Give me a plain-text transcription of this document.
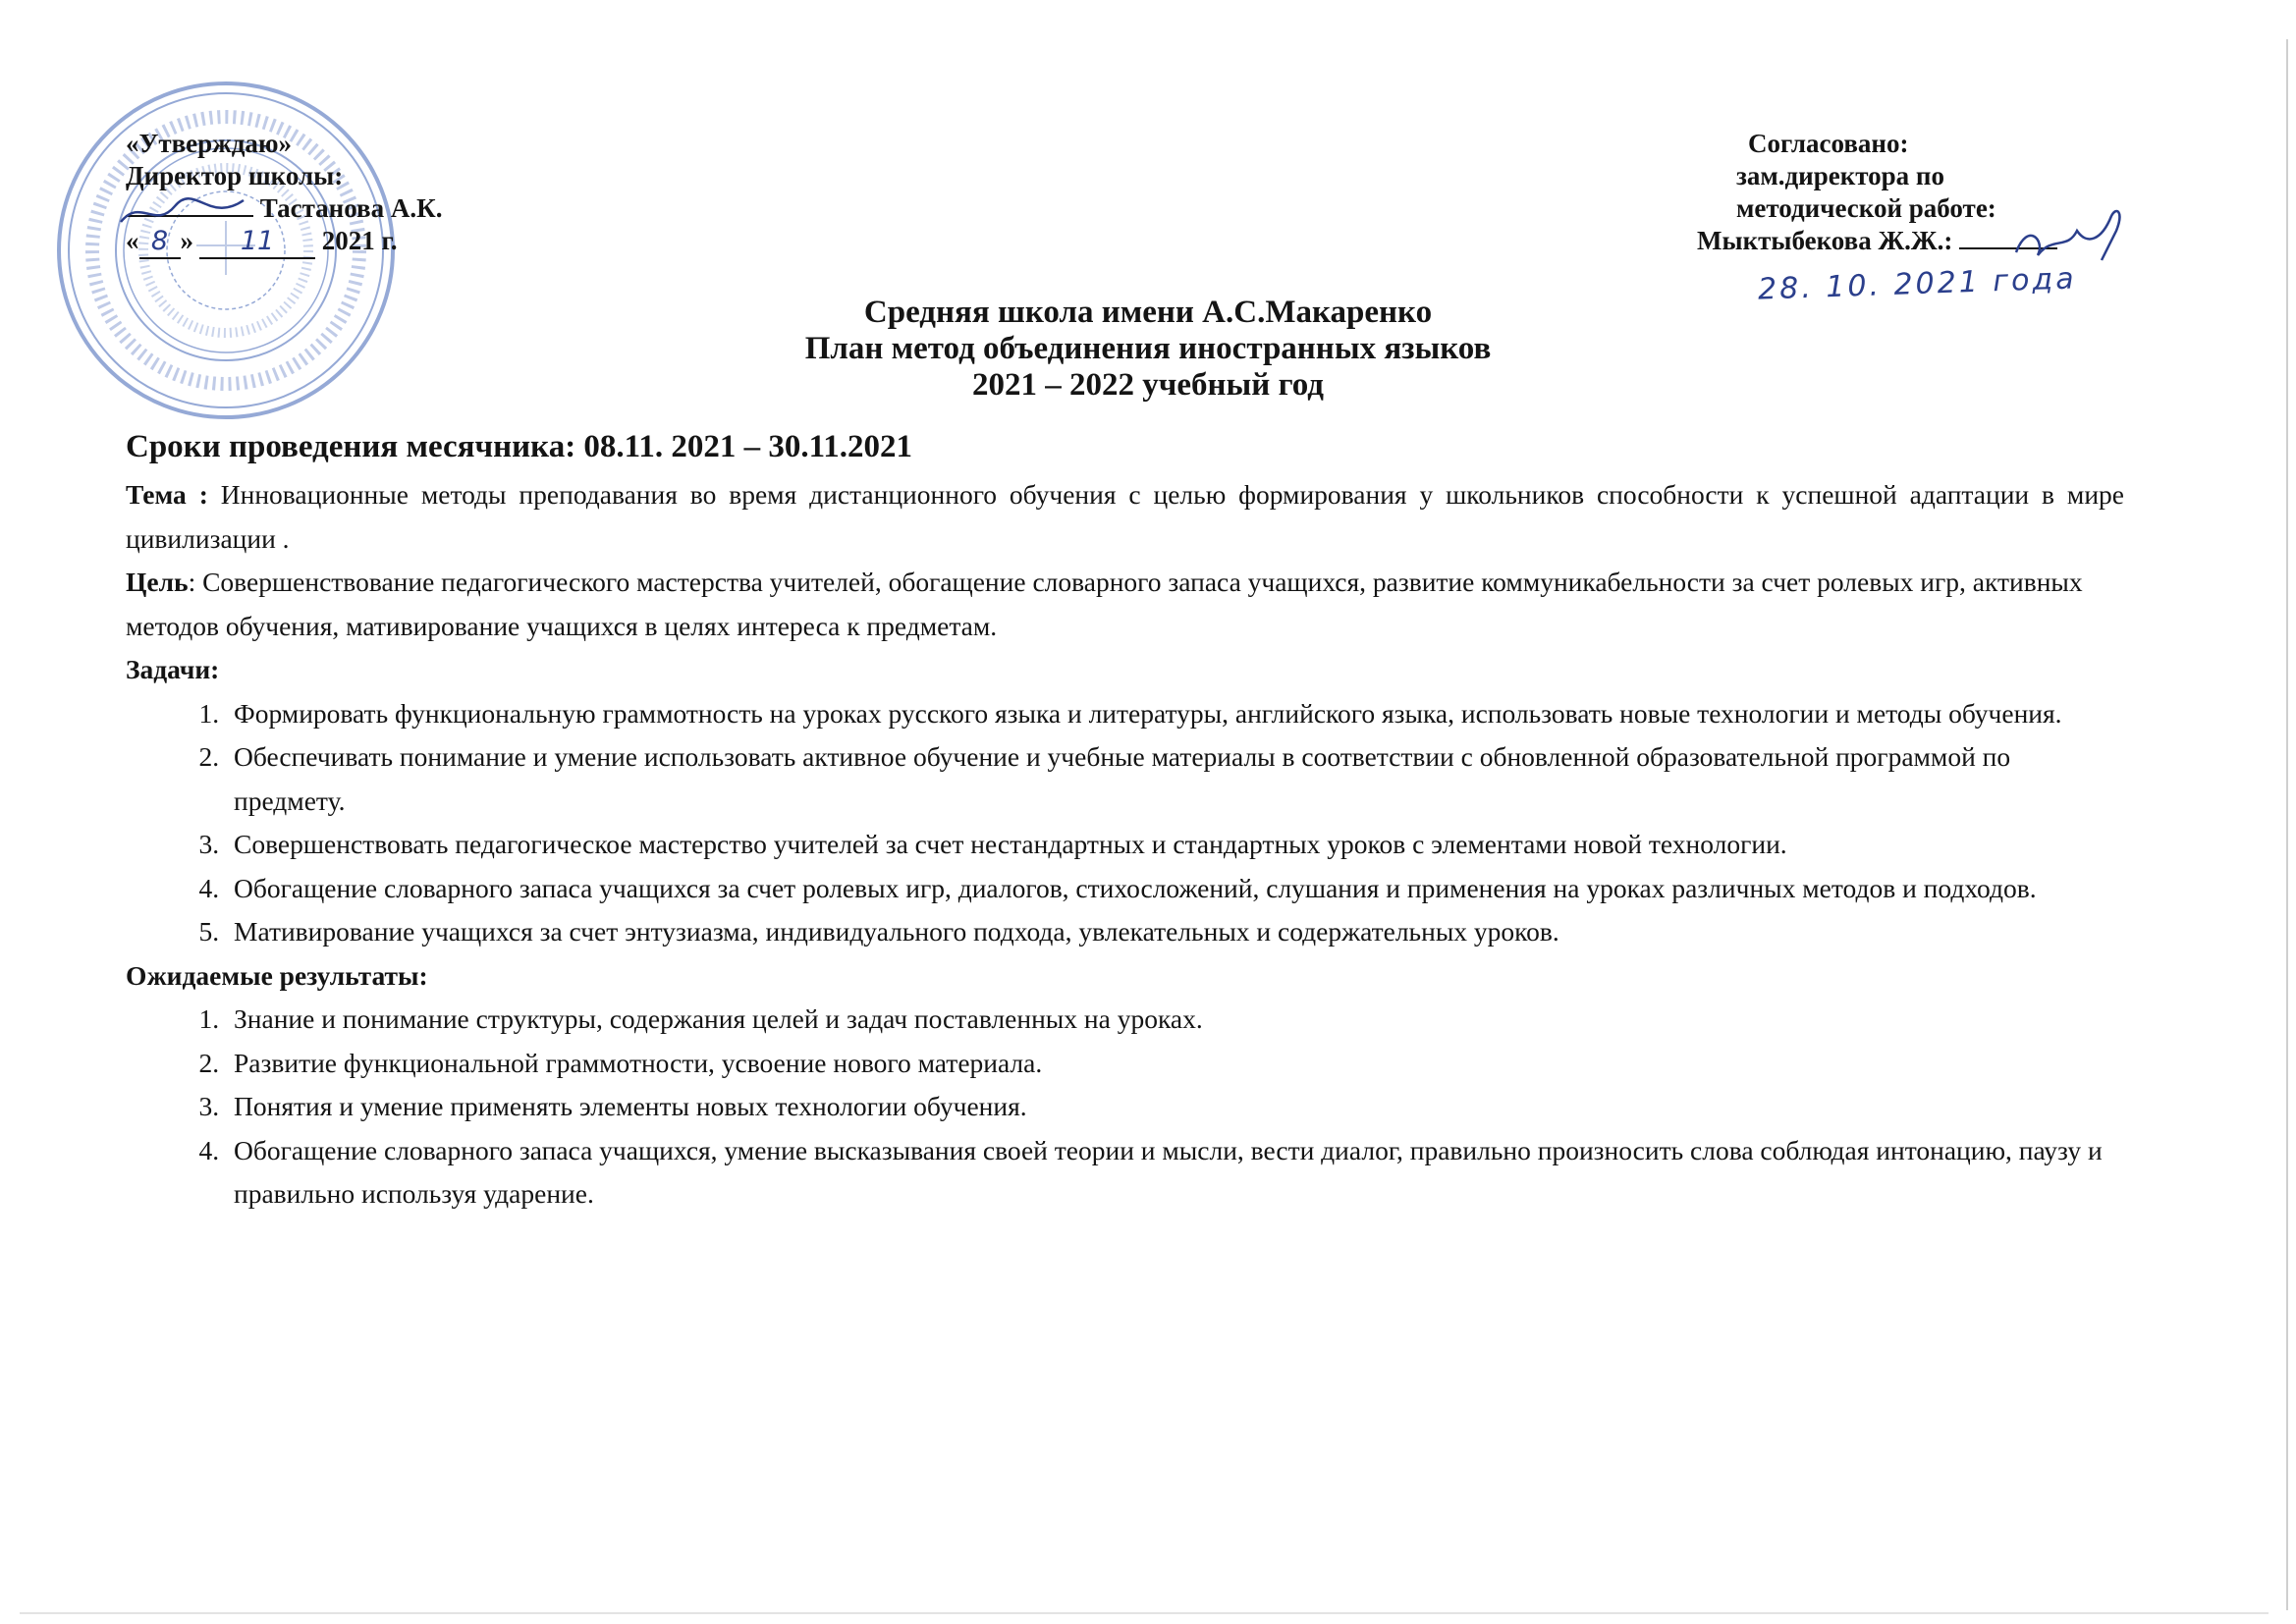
«Утверждаю»
Директор школы:
Тастанова А.К.
« 8 » 11 2021 г.
Согласовано:
зам.директора по
методической работе:
Мыктыбекова Ж.Ж.:
28. 10. 2021 года
Средняя школа имени А.С.Макаренко
План метод объединения иностранных языков
2021 – 2022 учебный год
Сроки проведения месячника: 08.11. 2021 – 30.11.2021

Тема : Инновационные методы преподавания во время дистанционного обучения с целью формирования у школьников способности к успешной адаптации в мире цивилизации .

Цель: Совершенствование педагогического мастерства учителей, обогащение словарного запаса учащихся, развитие коммуникабельности за счет ролевых игр, активных методов обучения, мативирование учащихся в целях интереса к предметам.

Задачи:

1. Формировать функциональную граммотность на уроках русского языка и литературы, английского языка, использовать новые технологии и методы обучения.
2. Обеспечивать понимание и умение использовать активное обучение и учебные материалы в соответствии с обновленной образовательной программой по предмету.
3. Совершенствовать педагогическое мастерство учителей за счет нестандартных и стандартных уроков с элементами новой технологии.
4. Обогащение словарного запаса учащихся за счет ролевых игр, диалогов, стихосложений, слушания и применения на уроках различных методов и подходов.
5. Мативирование учащихся за счет энтузиазма, индивидуального подхода, увлекательных и содержательных уроков.

Ожидаемые результаты:

1. Знание и понимание структуры, содержания целей и задач поставленных на уроках.
2. Развитие функциональной граммотности, усвоение нового материала.
3. Понятия и умение применять элементы новых технологии обучения.
4. Обогащение словарного запаса учащихся, умение высказывания своей теории и мысли, вести диалог, правильно произносить слова соблюдая интонацию, паузу и правильно используя ударение.
